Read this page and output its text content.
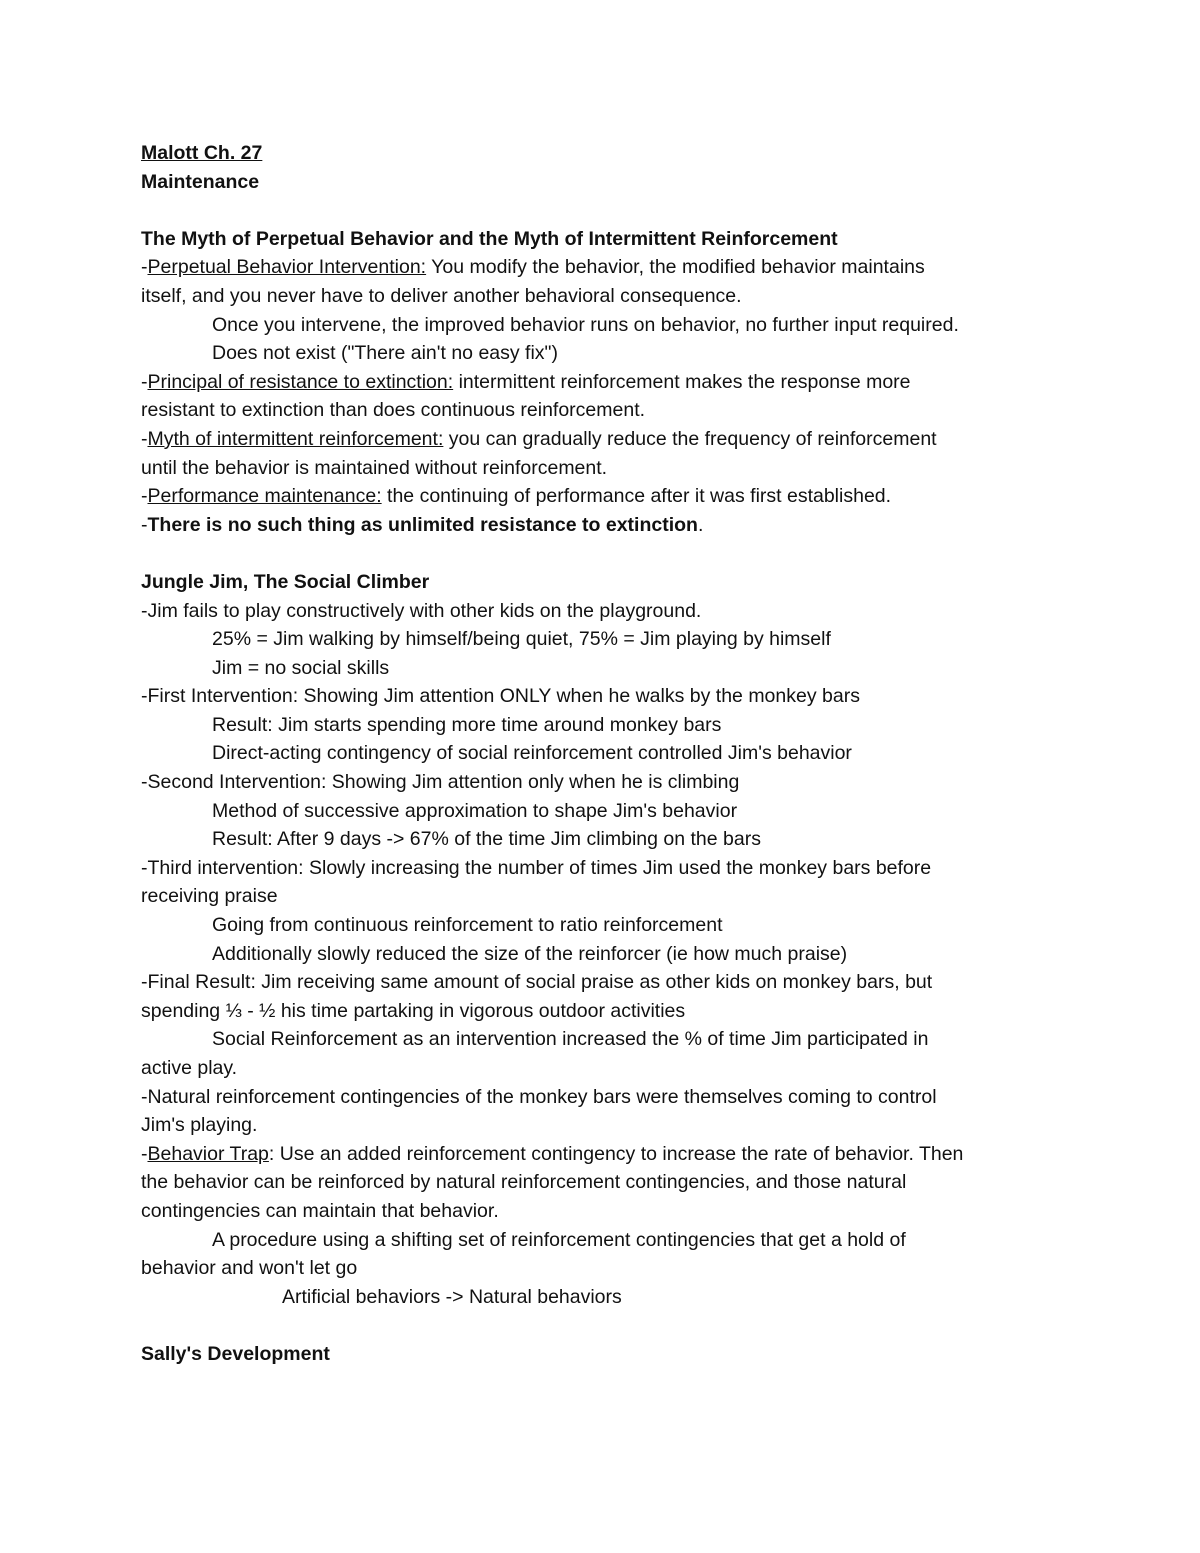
Malott Ch. 27
Maintenance
The Myth of Perpetual Behavior and the Myth of Intermittent Reinforcement
-Perpetual Behavior Intervention: You modify the behavior, the modified behavior maintains
itself, and you never have to deliver another behavioral consequence.
Once you intervene, the improved behavior runs on behavior, no further input required.
Does not exist ("There ain't no easy fix")
-Principal of resistance to extinction: intermittent reinforcement makes the response more
resistant to extinction than does continuous reinforcement.
-Myth of intermittent reinforcement: you can gradually reduce the frequency of reinforcement
until the behavior is maintained without reinforcement.
-Performance maintenance: the continuing of performance after it was first established.
-There is no such thing as unlimited resistance to extinction.
Jungle Jim, The Social Climber
-Jim fails to play constructively with other kids on the playground.
25% = Jim walking by himself/being quiet, 75% = Jim playing by himself
Jim = no social skills
-First Intervention: Showing Jim attention ONLY when he walks by the monkey bars
Result: Jim starts spending more time around monkey bars
Direct-acting contingency of social reinforcement controlled Jim's behavior
-Second Intervention: Showing Jim attention only when he is climbing
Method of successive approximation to shape Jim's behavior
Result: After 9 days -> 67% of the time Jim climbing on the bars
-Third intervention: Slowly increasing the number of times Jim used the monkey bars before
receiving praise
Going from continuous reinforcement to ratio reinforcement
Additionally slowly reduced the size of the reinforcer (ie how much praise)
-Final Result: Jim receiving same amount of social praise as other kids on monkey bars, but
spending ⅓ - ½ his time partaking in vigorous outdoor activities
Social Reinforcement as an intervention increased the % of time Jim participated in
active play.
-Natural reinforcement contingencies of the monkey bars were themselves coming to control
Jim's playing.
-Behavior Trap: Use an added reinforcement contingency to increase the rate of behavior. Then
the behavior can be reinforced by natural reinforcement contingencies, and those natural
contingencies can maintain that behavior.
A procedure using a shifting set of reinforcement contingencies that get a hold of
behavior and won't let go
Artificial behaviors -> Natural behaviors
Sally's Development
